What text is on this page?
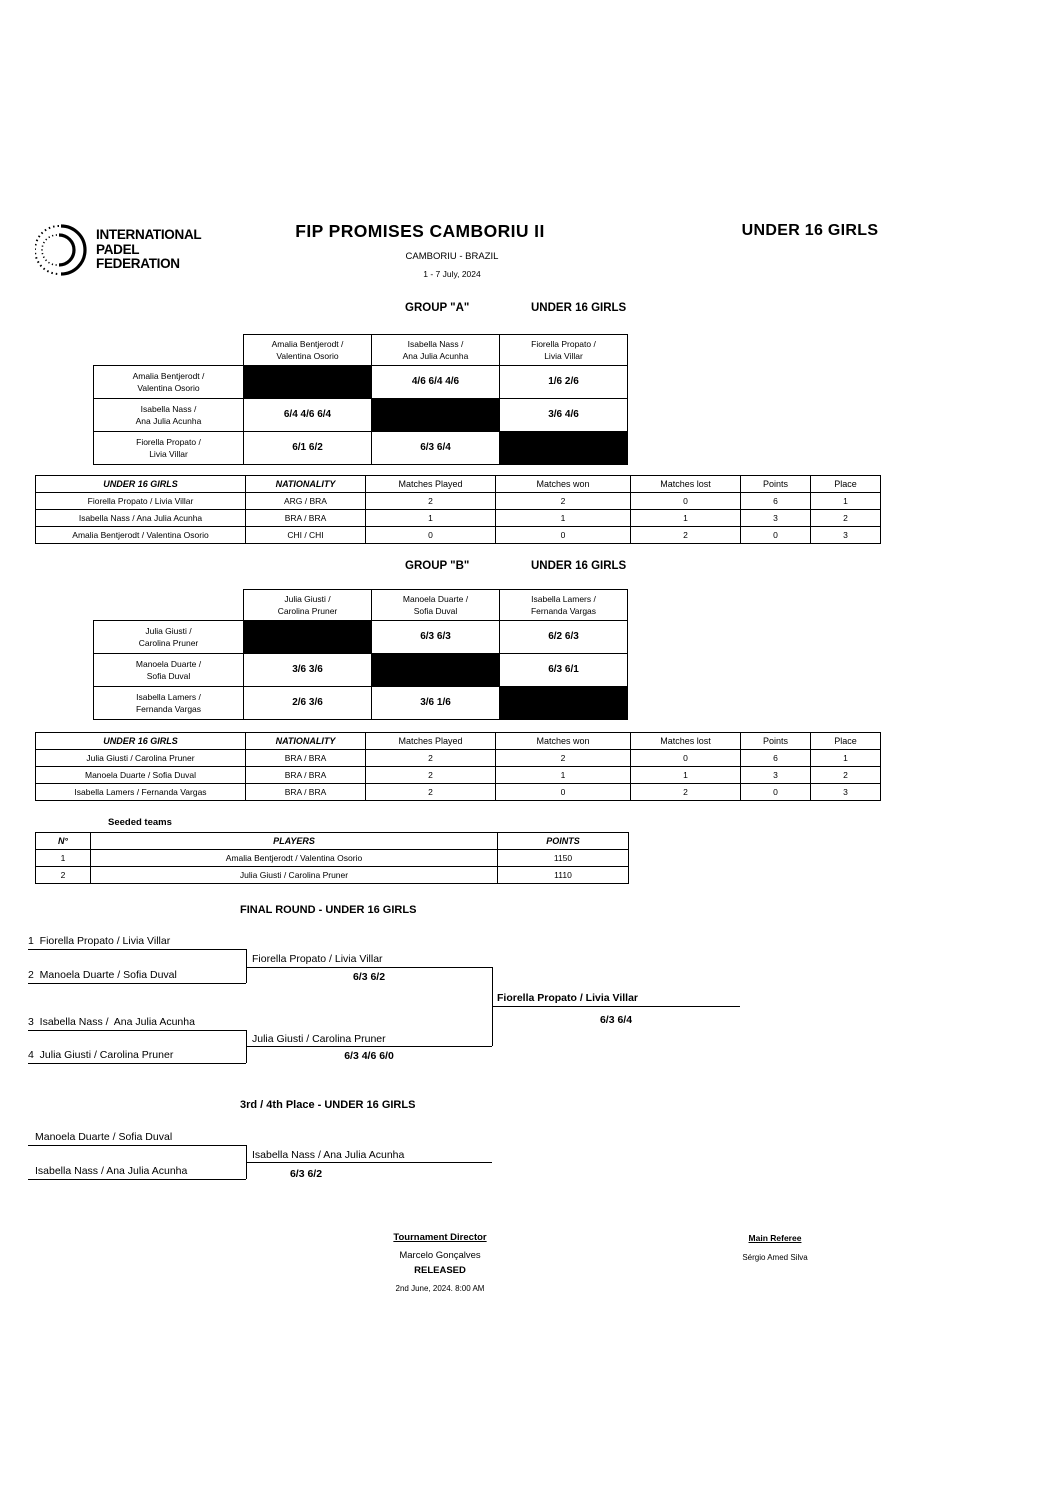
INTERNATIONAL
PADEL
FEDERATION
FIP PROMISES CAMBORIU II	UNDER 16 GIRLS
CAMBORIU - BRAZIL
1 - 7 July, 2024
GROUP "A"	UNDER 16 GIRLS

Amalia Bentjerodt /
Valentina Osorio

Isabella Nass /
Ana Julia Acunha

Fiorella Propato /
Livia Villar

Amalia Bentjerodt /
Valentina Osorio		4/6 6/4 4/6	1/6 2/6

Isabella Nass /
Ana Julia Acunha	6/4 4/6 6/4		3/6 4/6

Fiorella Propato /
Livia Villar	6/1 6/2	6/3 6/4	
UNDER 16 GIRLS	NATIONALITY	Matches Played	Matches won	Matches lost	Points	Place
Fiorella Propato / Livia Villar	ARG / BRA	2	2	0	6	1
Isabella Nass / Ana Julia Acunha	BRA / BRA	1	1	1	3	2
Amalia Bentjerodt / Valentina Osorio	CHI / CHI	0	0	2	0	3
GROUP "B"	UNDER 16 GIRLS

Julia Giusti /
Carolina Pruner

Manoela Duarte /
Sofia Duval

Isabella Lamers /
Fernanda Vargas

Julia Giusti /
Carolina Pruner		6/3 6/3	6/2 6/3

Manoela Duarte /
Sofia Duval	3/6 3/6		6/3 6/1

Isabella Lamers /
Fernanda Vargas	2/6 3/6	3/6 1/6	
UNDER 16 GIRLS	NATIONALITY	Matches Played	Matches won	Matches lost	Points	Place
Julia Giusti / Carolina Pruner	BRA / BRA	2	2	0	6	1
Manoela Duarte / Sofia Duval	BRA / BRA	2	1	1	3	2
Isabella Lamers / Fernanda Vargas	BRA / BRA	2	0	2	0	3
Seeded teams
N°	PLAYERS	POINTS
1	Amalia Bentjerodt / Valentina Osorio	1150
2	Julia Giusti / Carolina Pruner	1110
FINAL ROUND - UNDER 16 GIRLS
1  Fiorella Propato / Livia Villar
2  Manoela Duarte / Sofia Duval
Fiorella Propato / Livia Villar
6/3 6/2
Fiorella Propato / Livia Villar
6/3 6/4
3  Isabella Nass /  Ana Julia Acunha
4  Julia Giusti / Carolina Pruner
Julia Giusti / Carolina Pruner
6/3 4/6 6/0
3rd / 4th Place - UNDER 16 GIRLS
Manoela Duarte / Sofia Duval
Isabella Nass / Ana Julia Acunha
Isabella Nass / Ana Julia Acunha
6/3 6/2
Tournament Director
Marcelo Gonçalves
RELEASED
2nd June, 2024. 8:00 AM
Main Referee
Sérgio Amed Silva
